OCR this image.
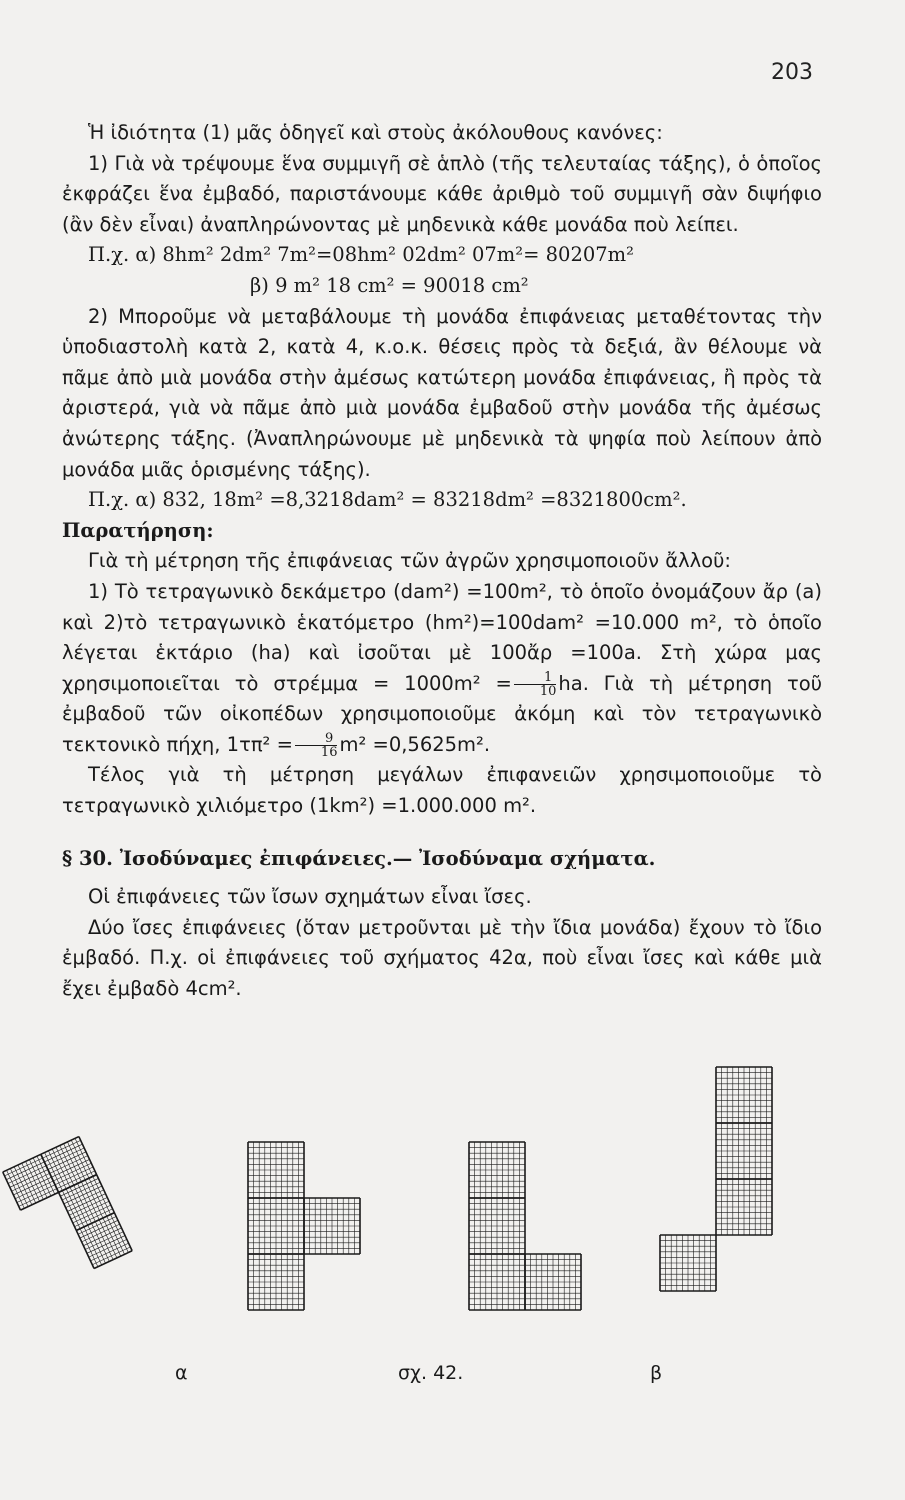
203

Ἡ ἰδιότητα (1) μᾶς ὁδηγεῖ καὶ στοὺς ἀκόλουθους κανόνες:

1) Γιὰ νὰ τρέψουμε ἕνα συμμιγῆ σὲ ἁπλὸ (τῆς τελευταίας τάξης), ὁ ὁποῖος ἐκφράζει ἕνα ἐμβαδό, παριστάνουμε κάθε ἀριθμὸ τοῦ συμμιγῆ σὰν διψήφιο (ἂν δὲν εἶναι) ἀναπληρώνοντας μὲ μηδενικὰ κάθε μονάδα ποὺ λείπει.

Π.χ. α) 8hm² 2dm² 7m²=08hm² 02dm² 07m²= 80207m²

β) 9 m² 18 cm² = 90018 cm²

2) Μποροῦμε νὰ μεταβάλουμε τὴ μονάδα ἐπιφάνειας μεταθέτοντας τὴν ὑποδιαστολὴ κατὰ 2, κατὰ 4, κ.ο.κ. θέσεις πρὸς τὰ δεξιά, ἂν θέλουμε νὰ πᾶμε ἀπὸ μιὰ μονάδα στὴν ἀμέσως κατώτερη μονάδα ἐπιφάνειας, ἢ πρὸς τὰ ἀριστερά, γιὰ νὰ πᾶμε ἀπὸ μιὰ μονάδα ἐμβαδοῦ στὴν μονάδα τῆς ἀμέσως ἀνώτερης τάξης. (Ἀναπληρώνουμε μὲ μηδενικὰ τὰ ψηφία ποὺ λείπουν ἀπὸ μονάδα μιᾶς ὁρισμένης τάξης).

Π.χ. α) 832, 18m² =8,3218dam² = 83218dm² =8321800cm².

Παρατήρηση:

Γιὰ τὴ μέτρηση τῆς ἐπιφάνειας τῶν ἀγρῶν χρησιμοποιοῦν ἄλλοῦ:

1) Τὸ τετραγωνικὸ δεκάμετρο (dam²) =100m², τὸ ὁποῖο ὀνομάζουν ἄρ (a) καὶ 2)τὸ τετραγωνικὸ ἑκατόμετρο (hm²)=100dam² =10.000 m², τὸ ὁποῖο λέγεται ἑκτάριο (ha) καὶ ἰσοῦται μὲ 100ἄρ =100a. Στὴ χώρα μας χρησιμοποιεῖται τὸ $\sigma\tau\rho έ\mu\mu\alpha = 1000m^2 = \frac{1}{10}$ ha. Γιὰ τὴ μέτρηση τοῦ ἐμβαδοῦ τῶν οἰκοπέδων χρησιμοποιοῦμε ἀκόμη καὶ τὸν τετραγωνικὸ τεκτονικὸ πήχη, $1\tau\pi^2 = \frac{9}{16} m^2 =0,5625m^2$.

Τέλος γιὰ τὴ μέτρηση μεγάλων ἐπιφανειῶν χρησιμοποιοῦμε τὸ τετραγωνικὸ χιλιόμετρο (1km²) =1.000.000 m².

§ 30. Ἰσοδύναμες ἐπιφάνειες.— Ἰσοδύναμα σχήματα.

Οἱ ἐπιφάνειες τῶν ἴσων σχημάτων εἶναι ἴσες.

Δύο ἴσες ἐπιφάνειες (ὅταν μετροῦνται μὲ τὴν ἴδια μονάδα) ἔχουν τὸ ἴδιο ἐμβαδό. Π.χ. οἱ ἐπιφάνειες τοῦ σχήματος 42α, ποὺ εἶναι ἴσες καὶ κάθε μιὰ ἔχει ἐμβαδὸ 4cm².

α	σχ. 42.	β
